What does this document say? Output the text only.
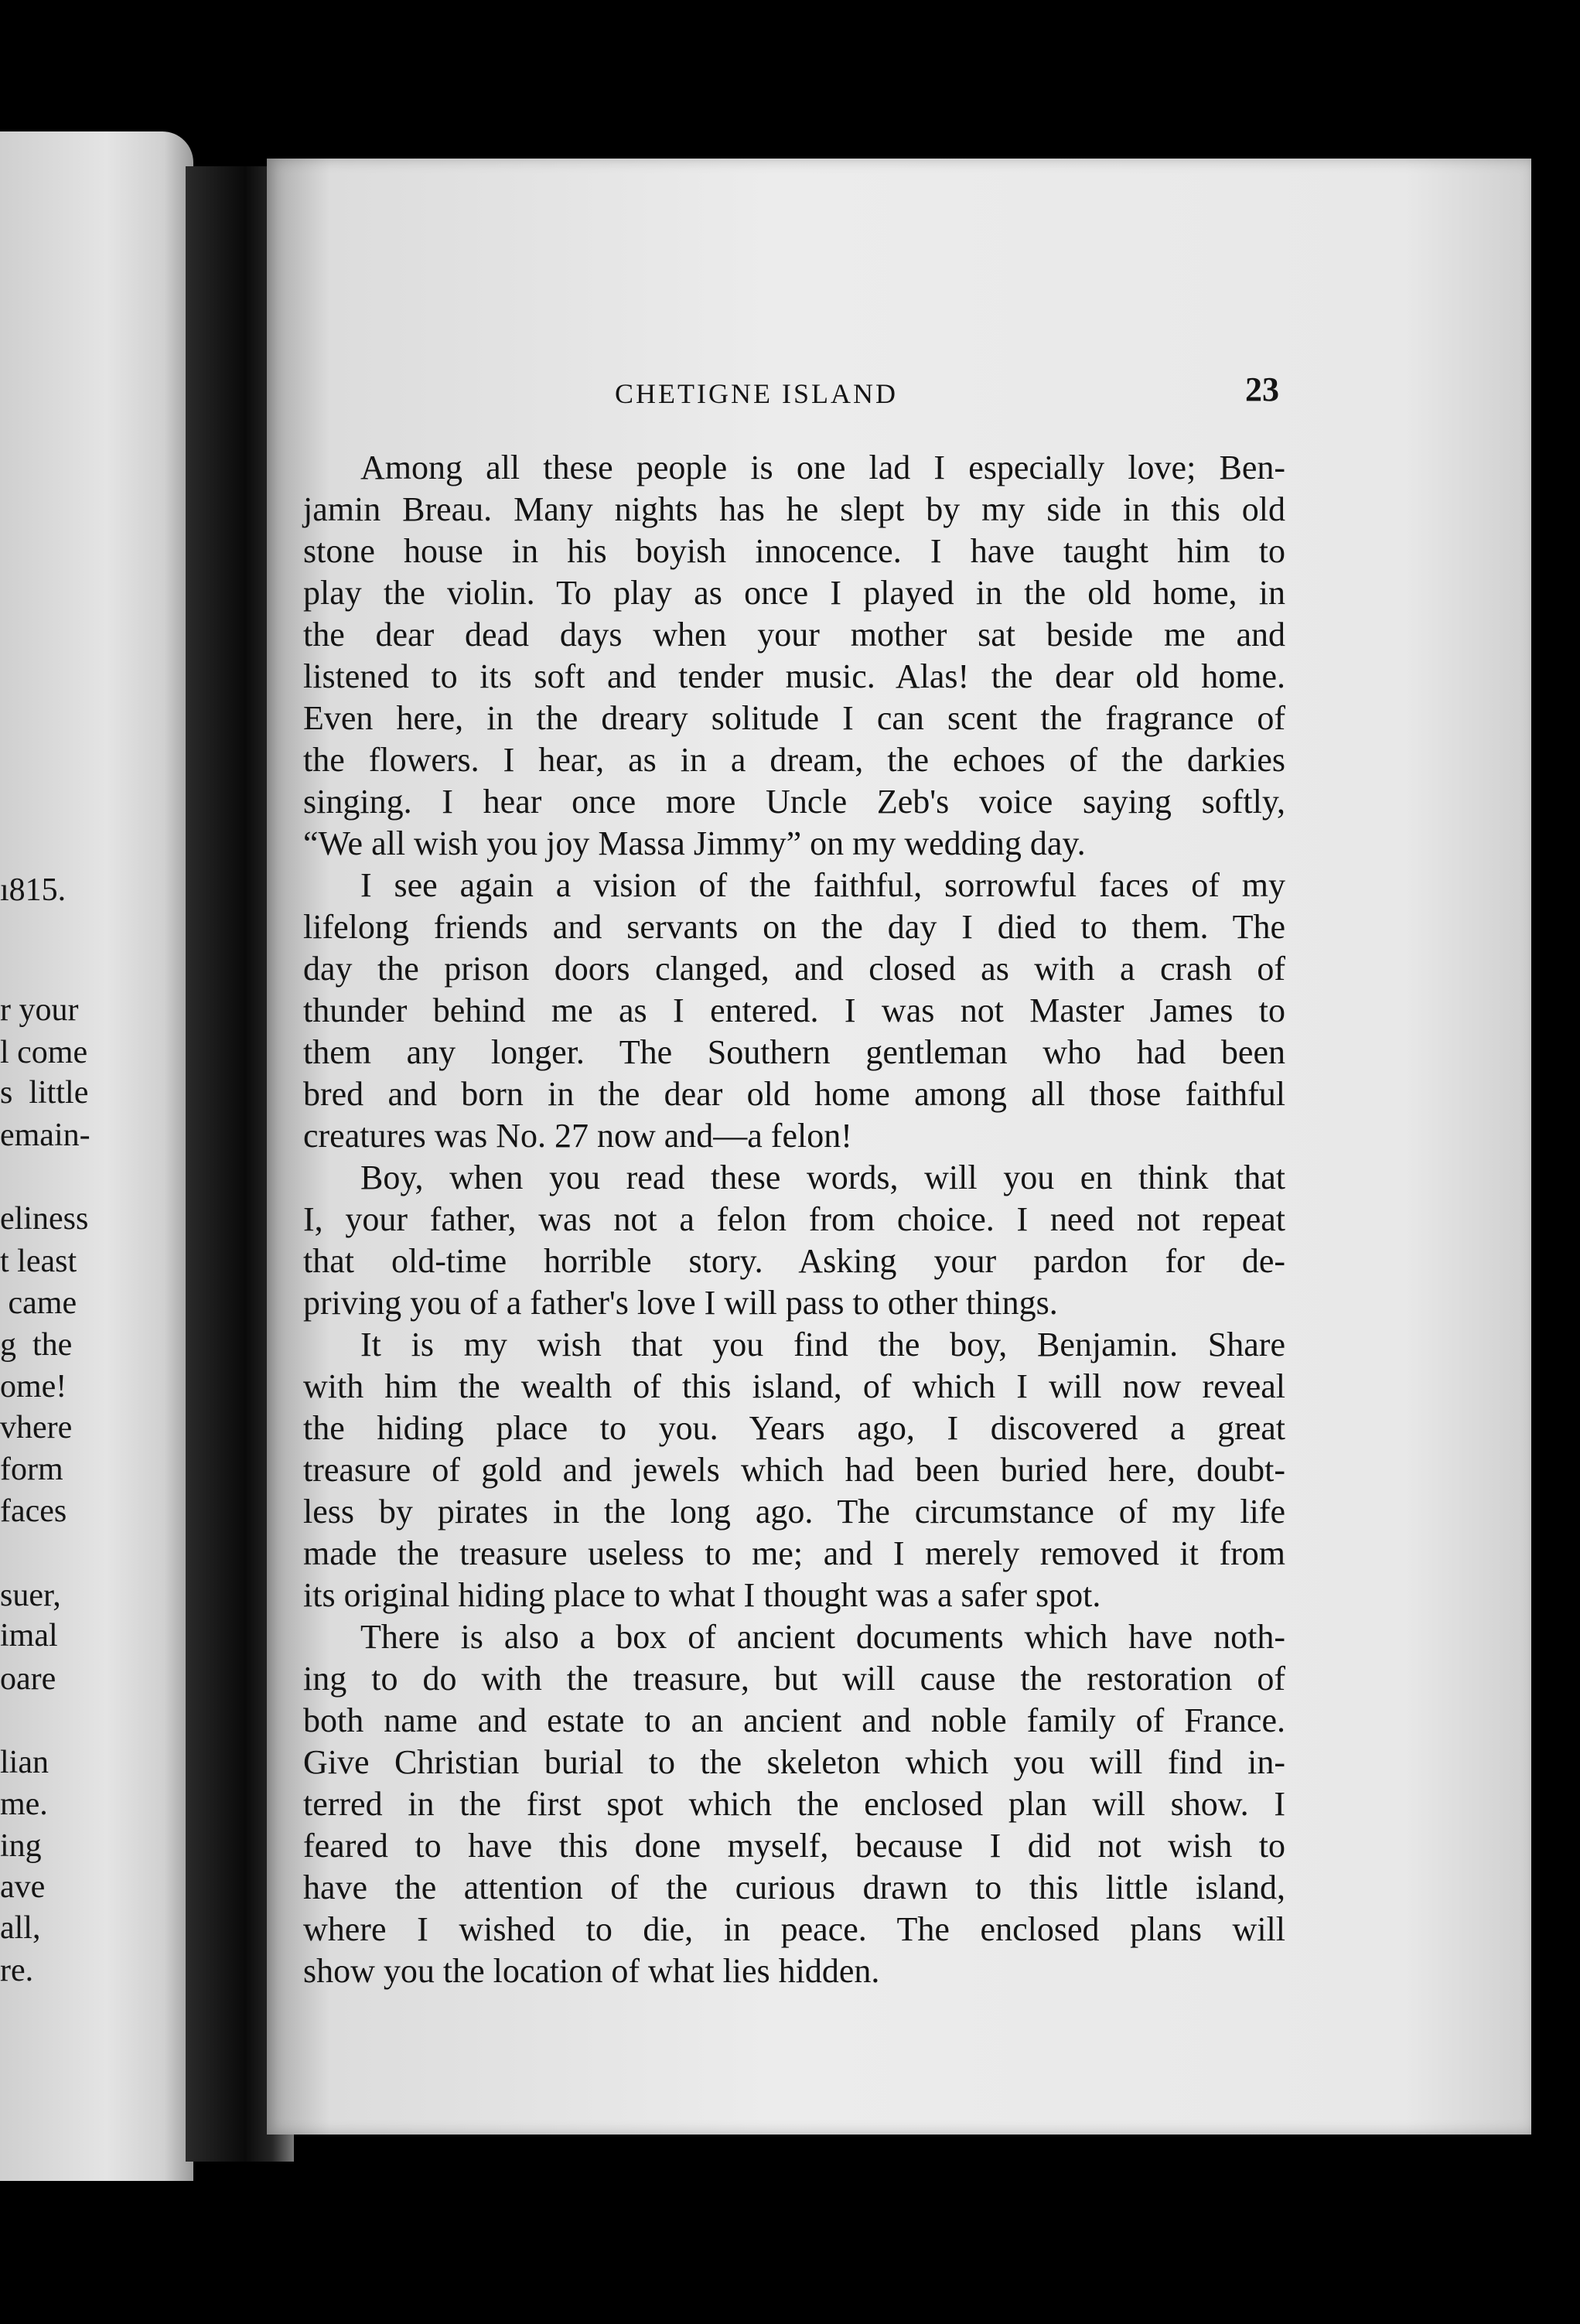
ı815.
r your
l come
s  little
emain-
eliness
t least
came
g  the
ome!
vhere
form
faces
suer,
imal
oare
lian
me.
ing
ave
all,
re.
CHETIGNE ISLAND	23
Among all these people is one lad I especially love; Ben-
jamin Breau. Many nights has he slept by my side in this old
stone house in his boyish innocence. I have taught him to
play the violin. To play as once I played in the old home, in
the dear dead days when your mother sat beside me and
listened to its soft and tender music. Alas! the dear old home.
Even here, in the dreary solitude I can scent the fragrance of
the flowers. I hear, as in a dream, the echoes of the darkies
singing. I hear once more Uncle Zeb's voice saying softly,
“We all wish you joy Massa Jimmy” on my wedding day.
I see again a vision of the faithful, sorrowful faces of my
lifelong friends and servants on the day I died to them. The
day the prison doors clanged, and closed as with a crash of
thunder behind me as I entered. I was not Master James to
them any longer. The Southern gentleman who had been
bred and born in the dear old home among all those faithful
creatures was No. 27 now and—a felon!
Boy, when you read these words, will you en think that
I, your father, was not a felon from choice. I need not repeat
that old-time horrible story. Asking your pardon for de-
priving you of a father's love I will pass to other things.
It is my wish that you find the boy, Benjamin. Share
with him the wealth of this island, of which I will now reveal
the hiding place to you. Years ago, I discovered a great
treasure of gold and jewels which had been buried here, doubt-
less by pirates in the long ago. The circumstance of my life
made the treasure useless to me; and I merely removed it from
its original hiding place to what I thought was a safer spot.
There is also a box of ancient documents which have noth-
ing to do with the treasure, but will cause the restoration of
both name and estate to an ancient and noble family of France.
Give Christian burial to the skeleton which you will find in-
terred in the first spot which the enclosed plan will show. I
feared to have this done myself, because I did not wish to
have the attention of the curious drawn to this little island,
where I wished to die, in peace. The enclosed plans will
show you the location of what lies hidden.
